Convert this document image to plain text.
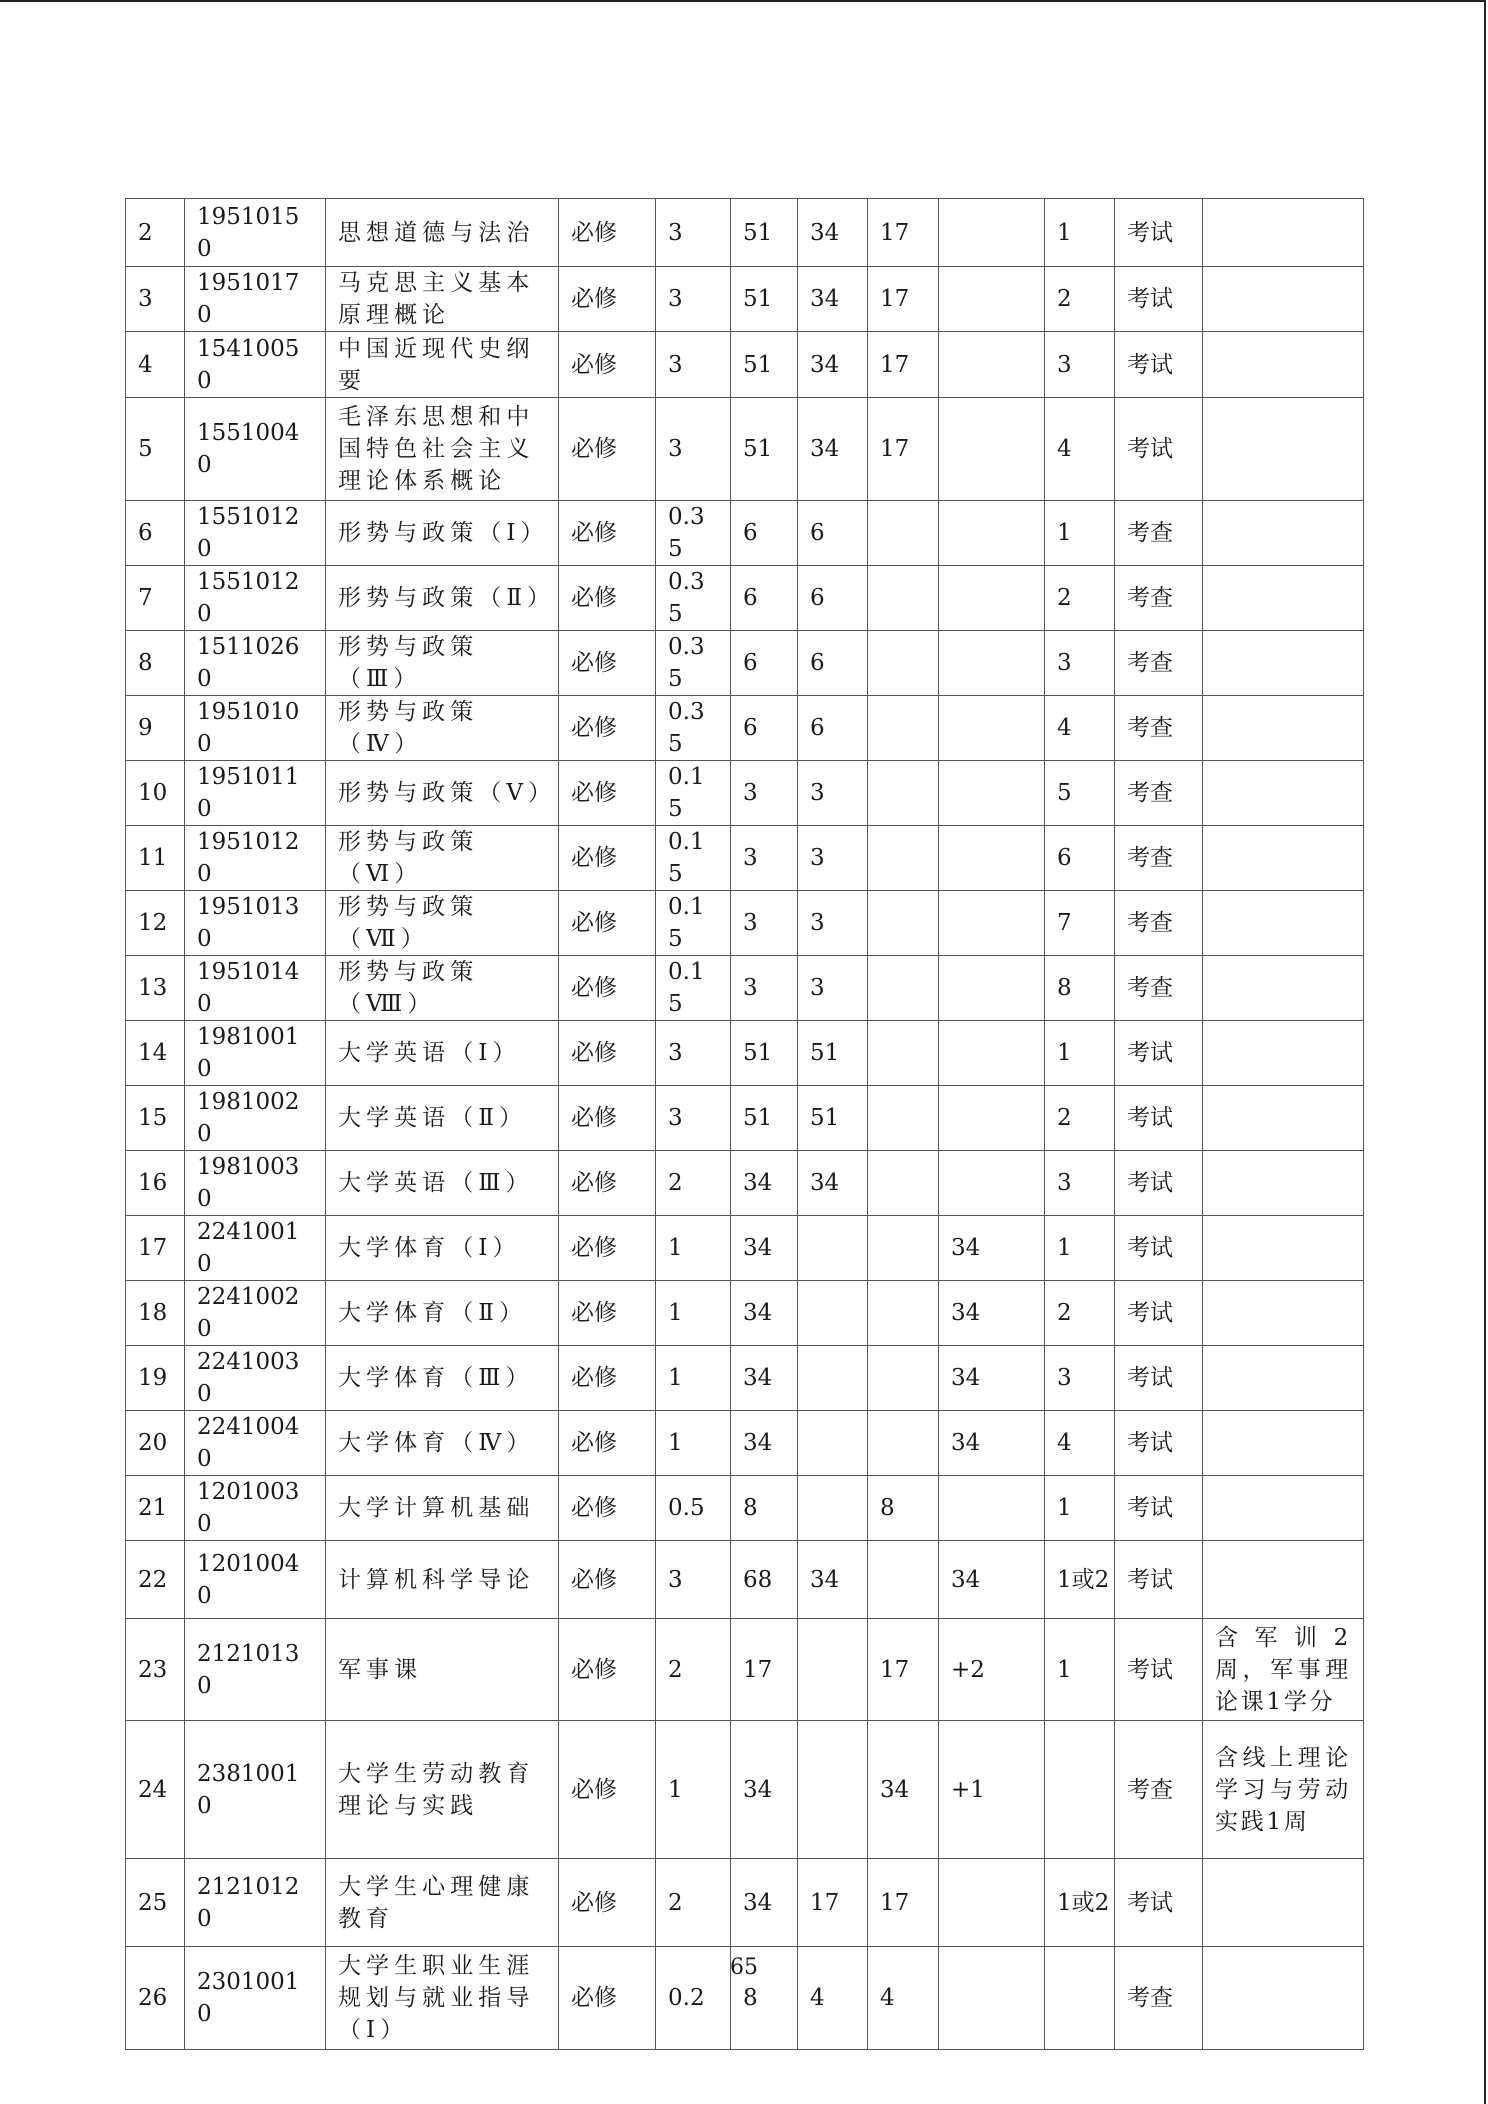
2	19510150	思想道德与法治	必修	3	51	34	17		1	考试	
3	19510170	马克思主义基本原理概论	必修	3	51	34	17		2	考试	
4	15410050	中国近现代史纲要	必修	3	51	34	17		3	考试	
5	15510040	毛泽东思想和中国特色社会主义理论体系概论	必修	3	51	34	17		4	考试	
6	15510120	形势与政策（Ⅰ）	必修	0.35	6	6			1	考查	
7	15510120	形势与政策（Ⅱ）	必修	0.35	6	6			2	考查	
8	15110260	形势与政策（Ⅲ）	必修	0.35	6	6			3	考查	
9	19510100	形势与政策（Ⅳ）	必修	0.35	6	6			4	考查	
10	19510110	形势与政策（Ⅴ）	必修	0.15	3	3			5	考查	
11	19510120	形势与政策（Ⅵ）	必修	0.15	3	3			6	考查	
12	19510130	形势与政策（Ⅶ）	必修	0.15	3	3			7	考查	
13	19510140	形势与政策（Ⅷ）	必修	0.15	3	3			8	考查	
14	19810010	大学英语（Ⅰ）	必修	3	51	51			1	考试	
15	19810020	大学英语（Ⅱ）	必修	3	51	51			2	考试	
16	19810030	大学英语（Ⅲ）	必修	2	34	34			3	考试	
17	22410010	大学体育（Ⅰ）	必修	1	34			34	1	考试	
18	22410020	大学体育（Ⅱ）	必修	1	34			34	2	考试	
19	22410030	大学体育（Ⅲ）	必修	1	34			34	3	考试	
20	22410040	大学体育（Ⅳ）	必修	1	34			34	4	考试	
21	12010030	大学计算机基础	必修	0.5	8		8		1	考试	
22	12010040	计算机科学导论	必修	3	68	34		34	1或2	考试	
23	21210130	军事课	必修	2	17		17	+2	1	考试	含军训2周，军事理论课1学分
24	23810010	大学生劳动教育理论与实践	必修	1	34		34	+1		考查	含线上理论学习与劳动实践1周
25	21210120	大学生心理健康教育	必修	2	34	17	17		1或2	考试	
26	23010010	大学生职业生涯规划与就业指导（Ⅰ）	必修	0.2	8	4	4			考查	
65
